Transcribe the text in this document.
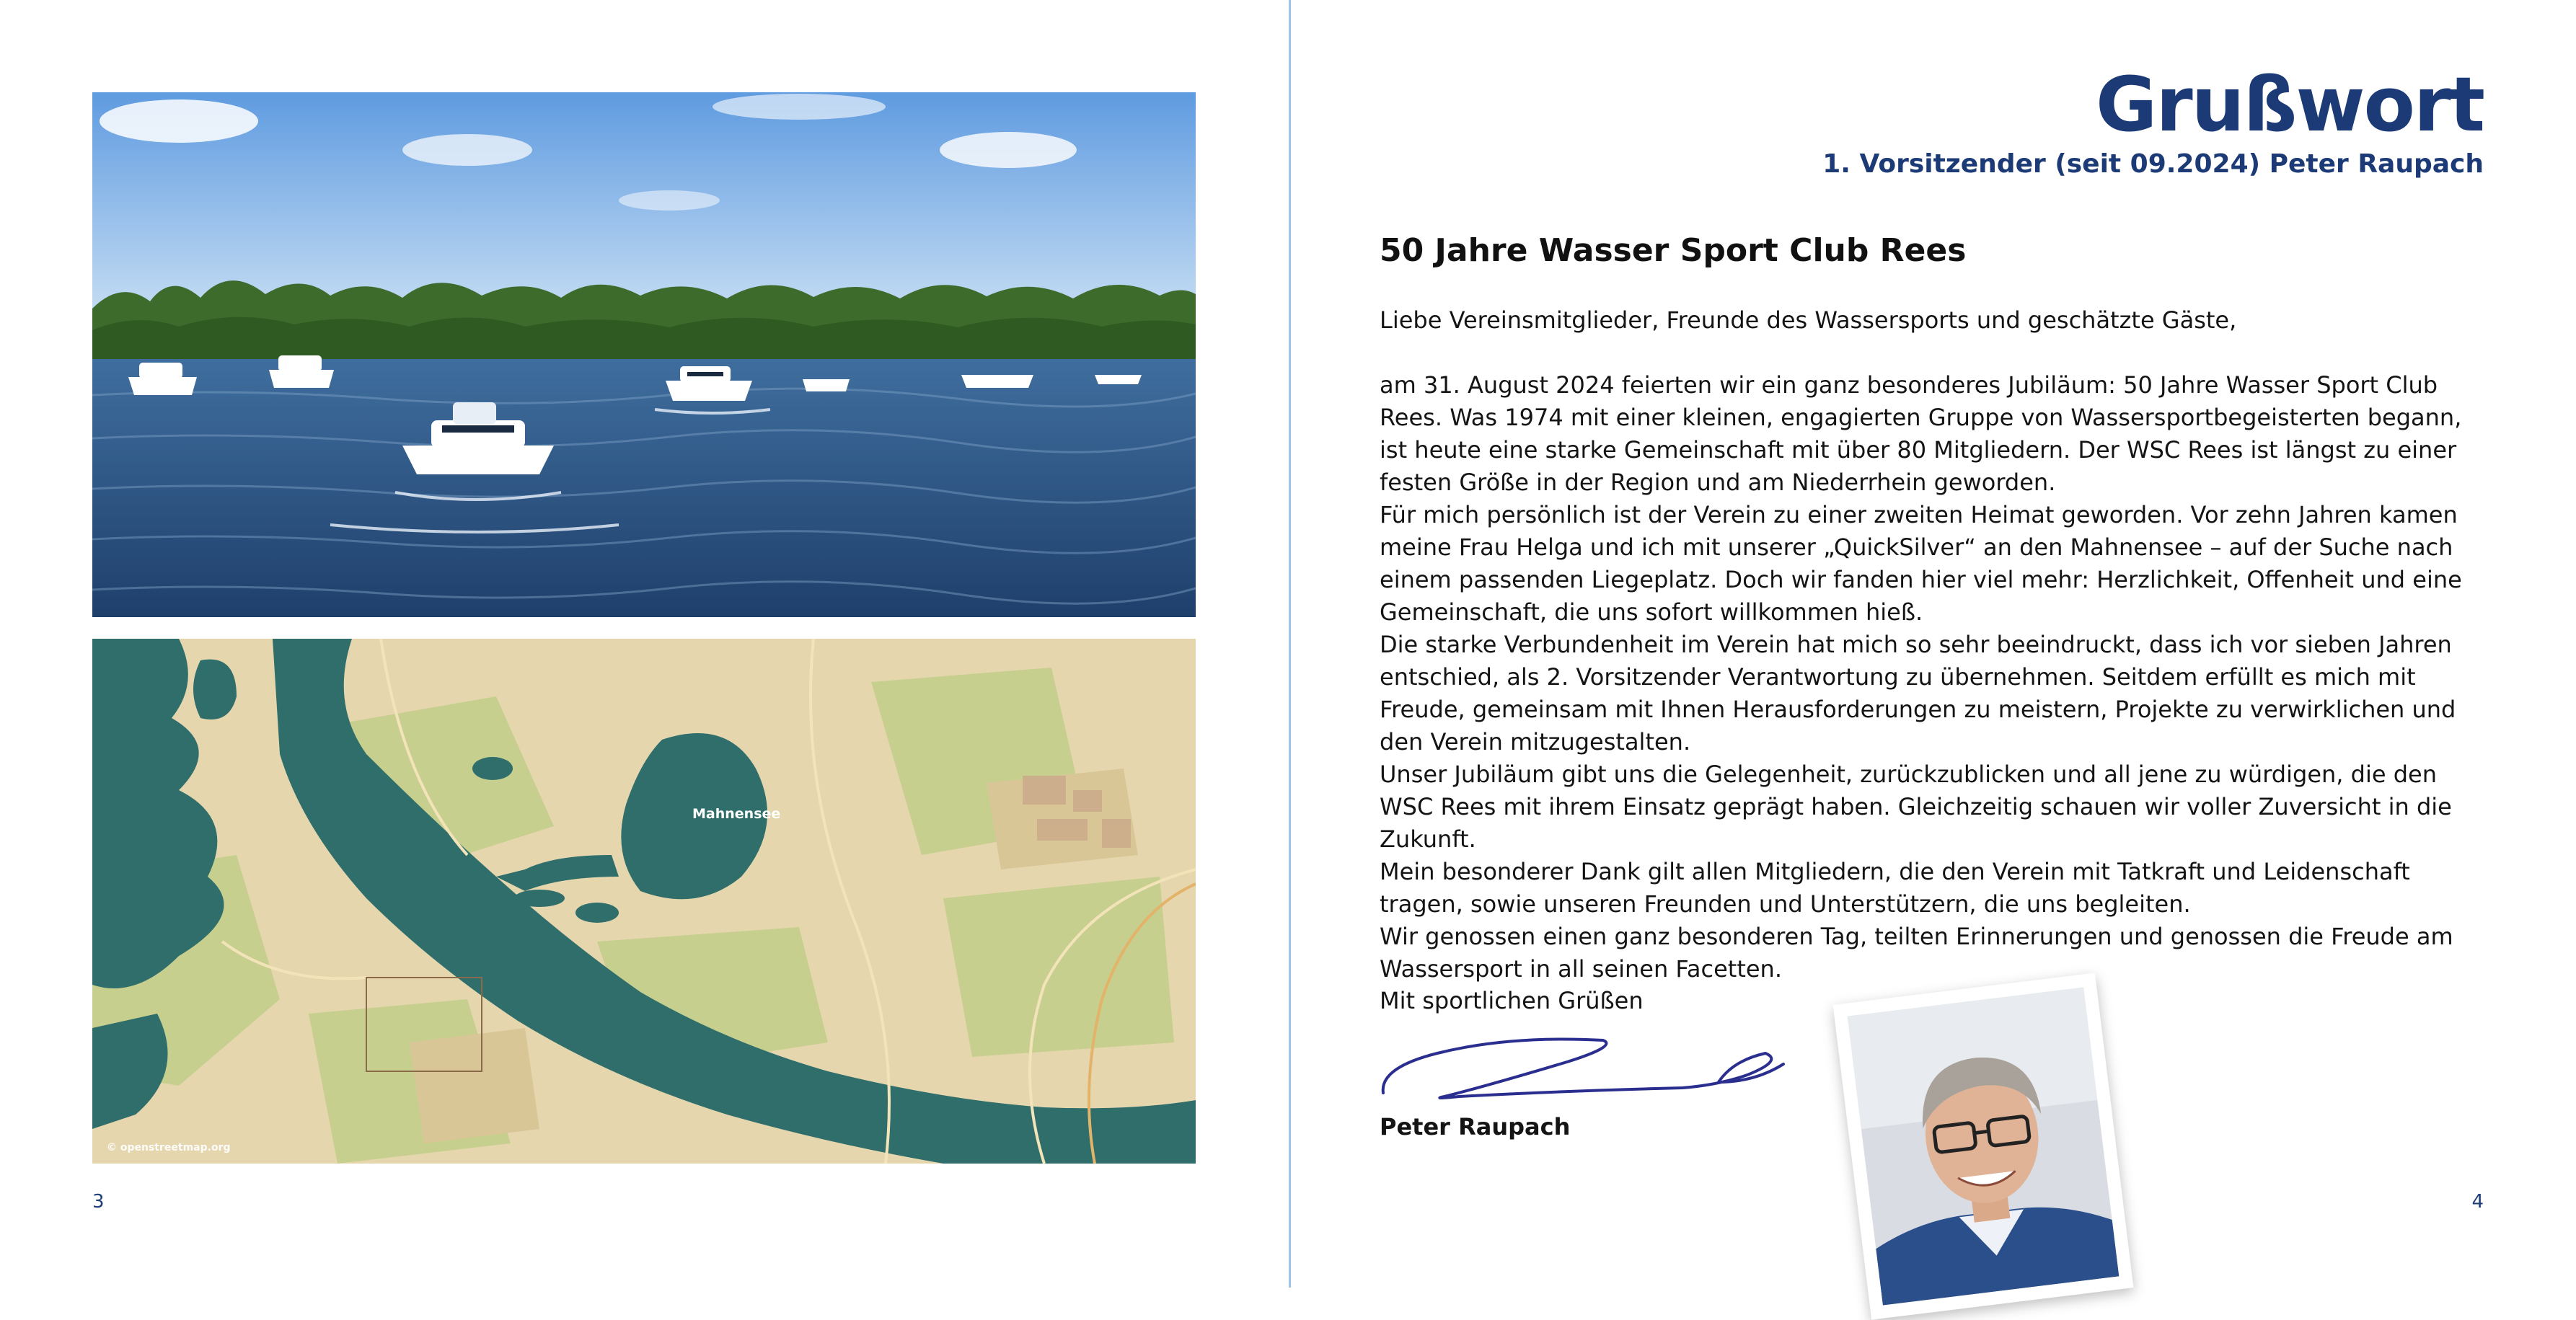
Mahnensee
© openstreetmap.org
3
Grußwort
1. Vorsitzender (seit 09.2024) Peter Raupach
50 Jahre Wasser Sport Club Rees

Liebe Vereinsmitglieder, Freunde des Wassersports und geschätzte Gäste,

am 31. August 2024 feierten wir ein ganz besonderes Jubiläum: 50 Jahre Wasser Sport Club Rees. Was 1974 mit einer kleinen, engagierten Gruppe von Wassersportbegeisterten begann, ist heute eine starke Gemeinschaft mit über 80 Mitgliedern. Der WSC Rees ist längst zu einer festen Größe in der Region und am Niederrhein geworden.

Für mich persönlich ist der Verein zu einer zweiten Heimat geworden. Vor zehn Jahren kamen meine Frau Helga und ich mit unserer „QuickSilver“ an den Mahnensee – auf der Suche nach einem passenden Liegeplatz. Doch wir fanden hier viel mehr: Herzlichkeit, Offenheit und eine Gemeinschaft, die uns sofort willkommen hieß.

Die starke Verbundenheit im Verein hat mich so sehr beeindruckt, dass ich vor sieben Jahren entschied, als 2. Vorsitzender Verantwortung zu übernehmen. Seitdem erfüllt es mich mit Freude, gemeinsam mit Ihnen Herausforderungen zu meistern, Projekte zu verwirklichen und den Verein mitzugestalten.

Unser Jubiläum gibt uns die Gelegenheit, zurückzublicken und all jene zu würdigen, die den WSC Rees mit ihrem Einsatz geprägt haben. Gleichzeitig schauen wir voller Zuversicht in die Zukunft.

Mein besonderer Dank gilt allen Mitgliedern, die den Verein mit Tatkraft und Leidenschaft tragen, sowie unseren Freunden und Unterstützern, die uns begleiten.

Wir genossen einen ganz besonderen Tag, teilten Erinnerungen und genossen die Freude am Wassersport in all seinen Facetten.

Mit sportlichen Grüßen
Peter Raupach
4
